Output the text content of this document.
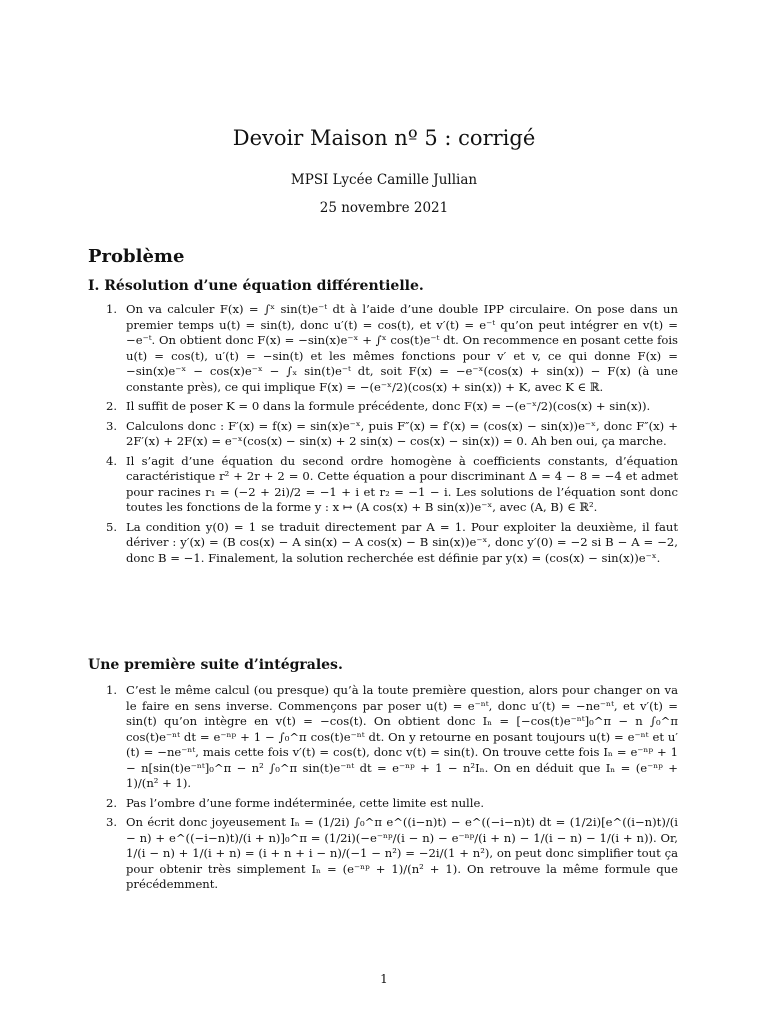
Devoir Maison nº 5 : corrigé
MPSI Lycée Camille Jullian
25 novembre 2021
Problème
I. Résolution d’une équation différentielle.
1. On va calculer F(x) = ∫ˣ sin(t)e⁻ᵗ dt à l’aide d’une double IPP circulaire. On pose dans un premier temps u(t) = sin(t), donc u′(t) = cos(t), et v′(t) = e⁻ᵗ qu’on peut intégrer en v(t) = −e⁻ᵗ. On obtient donc F(x) = −sin(x)e⁻ˣ + ∫ˣ cos(t)e⁻ᵗ dt. On recommence en posant cette fois u(t) = cos(t), u′(t) = −sin(t) et les mêmes fonctions pour v′ et v, ce qui donne F(x) = −sin(x)e⁻ˣ − cos(x)e⁻ˣ − ∫ₓ sin(t)e⁻ᵗ dt, soit F(x) = −e⁻ˣ(cos(x) + sin(x)) − F(x) (à une constante près), ce qui implique F(x) = −(e⁻ˣ/2)(cos(x) + sin(x)) + K, avec K ∈ ℝ.
2. Il suffit de poser K = 0 dans la formule précédente, donc F(x) = −(e⁻ˣ/2)(cos(x) + sin(x)).
3. Calculons donc : F′(x) = f(x) = sin(x)e⁻ˣ, puis F″(x) = f′(x) = (cos(x) − sin(x))e⁻ˣ, donc F″(x) + 2F′(x) + 2F(x) = e⁻ˣ(cos(x) − sin(x) + 2 sin(x) − cos(x) − sin(x)) = 0. Ah ben oui, ça marche.
4. Il s’agit d’une équation du second ordre homogène à coefficients constants, d’équation caractéristique r² + 2r + 2 = 0. Cette équation a pour discriminant Δ = 4 − 8 = −4 et admet pour racines r₁ = (−2 + 2i)/2 = −1 + i et r₂ = −1 − i. Les solutions de l’équation sont donc toutes les fonctions de la forme y : x ↦ (A cos(x) + B sin(x))e⁻ˣ, avec (A, B) ∈ ℝ².
5. La condition y(0) = 1 se traduit directement par A = 1. Pour exploiter la deuxième, il faut dériver : y′(x) = (B cos(x) − A sin(x) − A cos(x) − B sin(x))e⁻ˣ, donc y′(0) = −2 si B − A = −2, donc B = −1. Finalement, la solution recherchée est définie par y(x) = (cos(x) − sin(x))e⁻ˣ.
Une première suite d’intégrales.
1. C’est le même calcul (ou presque) qu’à la toute première question, alors pour changer on va le faire en sens inverse. Commençons par poser u(t) = e⁻ⁿᵗ, donc u′(t) = −ne⁻ⁿᵗ, et v′(t) = sin(t) qu’on intègre en v(t) = −cos(t). On obtient donc Iₙ = [−cos(t)e⁻ⁿᵗ]₀^π − n ∫₀^π cos(t)e⁻ⁿᵗ dt = e⁻ⁿᵖ + 1 − ∫₀^π cos(t)e⁻ⁿᵗ dt. On y retourne en posant toujours u(t) = e⁻ⁿᵗ et u′(t) = −ne⁻ⁿᵗ, mais cette fois v′(t) = cos(t), donc v(t) = sin(t). On trouve cette fois Iₙ = e⁻ⁿᵖ + 1 − n[sin(t)e⁻ⁿᵗ]₀^π − n² ∫₀^π sin(t)e⁻ⁿᵗ dt = e⁻ⁿᵖ + 1 − n²Iₙ. On en déduit que Iₙ = (e⁻ⁿᵖ + 1)/(n² + 1).
2. Pas l’ombre d’une forme indéterminée, cette limite est nulle.
3. On écrit donc joyeusement Iₙ = (1/2i) ∫₀^π e^((i−n)t) − e^((−i−n)t) dt = (1/2i)[e^((i−n)t)/(i − n) + e^((−i−n)t)/(i + n)]₀^π = (1/2i)(−e⁻ⁿᵖ/(i − n) − e⁻ⁿᵖ/(i + n) − 1/(i − n) − 1/(i + n)). Or, 1/(i − n) + 1/(i + n) = (i + n + i − n)/(−1 − n²) = −2i/(1 + n²), on peut donc simplifier tout ça pour obtenir très simplement Iₙ = (e⁻ⁿᵖ + 1)/(n² + 1). On retrouve la même formule que précédemment.
1
